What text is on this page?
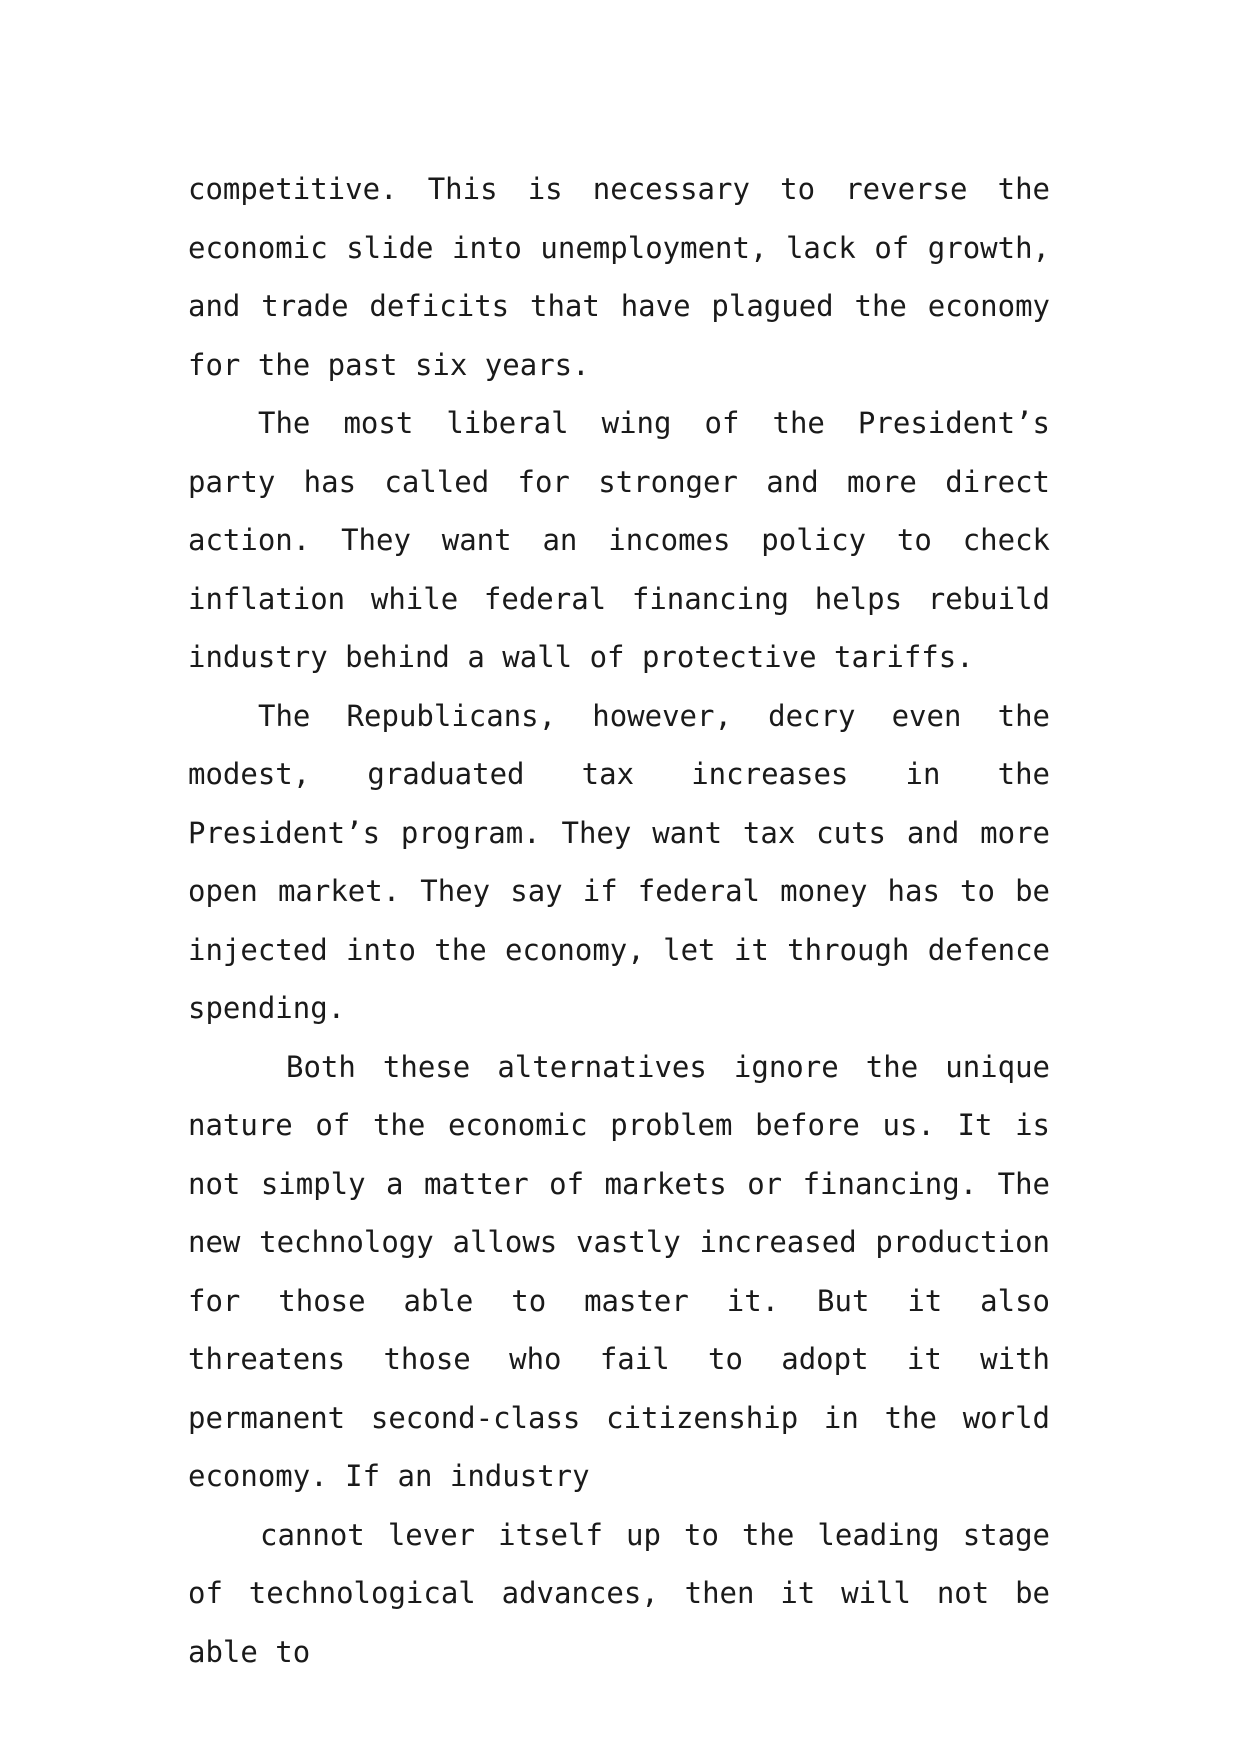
competitive. This is necessary to reverse the economic slide into unemployment, lack of growth, and trade deficits that have plagued the economy for the past six years.

The most liberal wing of the President’s party has called for stronger and more direct action. They want an incomes policy to check inflation while federal financing helps rebuild industry behind a wall of protective tariffs.

The Republicans, however, decry even the modest, graduated tax increases in the President’s program. They want tax cuts and more open market. They say if federal money has to be injected into the economy, let it through defence spending.

Both these alternatives ignore the unique nature of the economic problem before us. It is not simply a matter of markets or financing. The new technology allows vastly increased production for those able to master it. But it also threatens those who fail to adopt it with permanent second-class citizenship in the world economy. If an industry

cannot lever itself up to the leading stage of technological advances, then it will not be able to
